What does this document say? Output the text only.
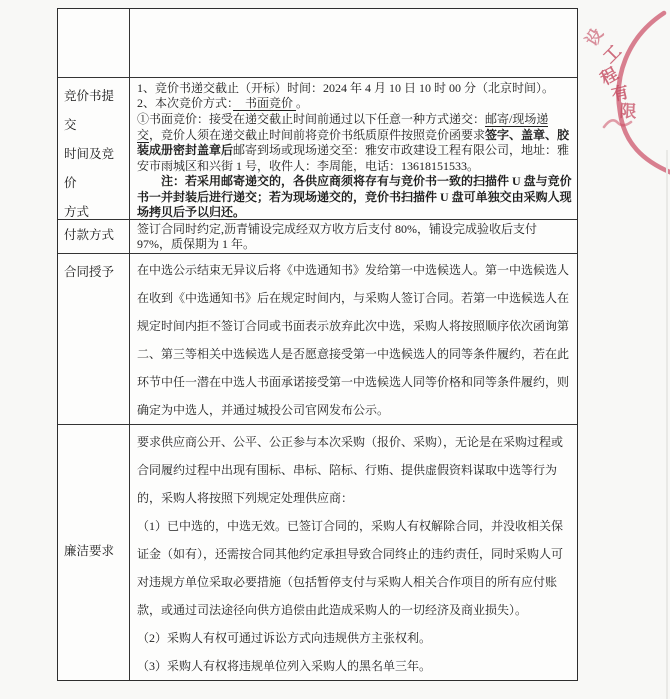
竞价书提交
时间及竞价
方式

1、竞价书递交截止（开标）时间：2024 年 4 月 10 日 10 时 00 分（北京时间）。

2、本次竞价方式：　书面竞价 。

①书面竞价：接受在递交截止时间前通过以下任意一种方式递交：邮寄/现场递交，竞价人须在递交截止时间前将竞价书纸质原件按照竞价函要求签字、盖章、胶装成册密封盖章后邮寄到场或现场递交至：雅安市政建设工程有限公司，地址：雅安市雨城区和兴街 1 号，收件人：李周能，电话：13618151533。

注：若采用邮寄递交的，各供应商须将存有与竞价书一致的扫描件 U 盘与竞价书一并封装后进行递交；若为现场递交的，竞价书扫描件 U 盘可单独交由采购人现场拷贝后予以归还。

付款方式	签订合同时约定,沥青铺设完成经双方收方后支付 80%，铺设完成验收后支付 97%，质保期为 1 年。

合同授予	在中选公示结束无异议后将《中选通知书》发给第一中选候选人。第一中选候选人在收到《中选通知书》后在规定时间内，与采购人签订合同。若第一中选候选人在规定时间内拒不签订合同或书面表示放弃此次中选，采购人将按照顺序依次函询第二、第三等相关中选候选人是否愿意接受第一中选候选人的同等条件履约，若在此环节中任一潜在中选人书面承诺接受第一中选候选人同等价格和同等条件履约，则确定为中选人，并通过城投公司官网发布公示。

廉洁要求

要求供应商公开、公平、公正参与本次采购（报价、采购），无论是在采购过程或合同履约过程中出现有围标、串标、陪标、行贿、提供虚假资料谋取中选等行为的，采购人将按照下列规定处理供应商：

（1）已中选的，中选无效。已签订合同的，采购人有权解除合同，并没收相关保证金（如有），还需按合同其他约定承担导致合同终止的违约责任，同时采购人可对违规方单位采取必要措施（包括暂停支付与采购人相关合作项目的所有应付账款，或通过司法途径向供方追偿由此造成采购人的一切经济及商业损失）。

（2）采购人有权可通过诉讼方式向违规供方主张权利。

（3）采购人有权将违规单位列入采购人的黑名单三年。

设
工
程
有
限
